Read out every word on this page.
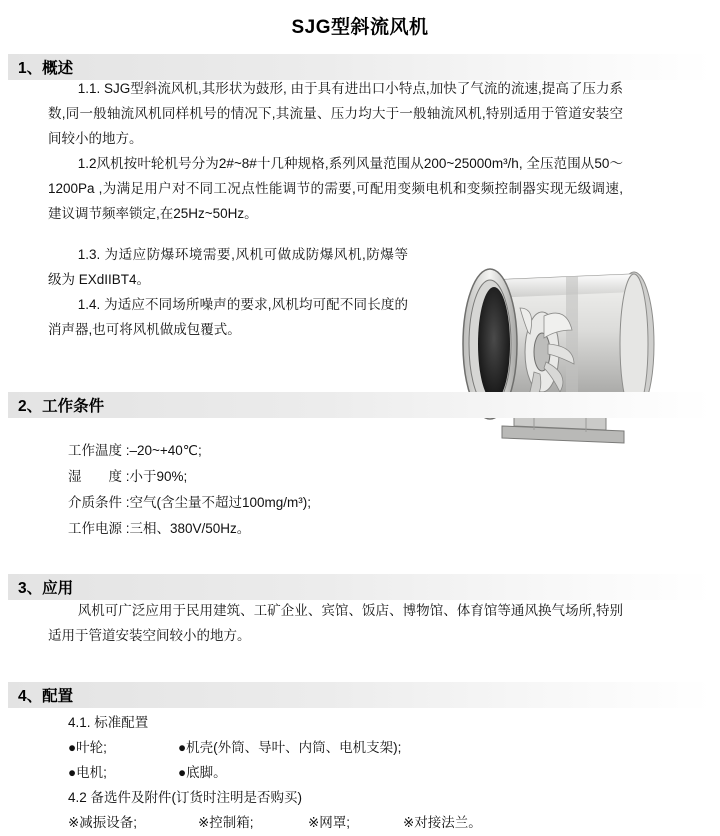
SJG型斜流风机
1、概述

1.1. SJG型斜流风机,其形状为鼓形, 由于具有进出口小特点,加快了气流的流速,提高了压力系数,同一般轴流风机同样机号的情况下,其流量、压力均大于一般轴流风机,特别适用于管道安装空间较小的地方。

1.2风机按叶轮机号分为2#~8#十几种规格,系列风量范围从200~25000m³/h, 全压范围从50～1200Pa ,为满足用户对不同工况点性能调节的需要,可配用变频电机和变频控制器实现无级调速, 建议调节频率锁定,在25Hz~50Hz。

1.3. 为适应防爆环境需要,风机可做成防爆风机,防爆等级为 EXdIIBT4。

1.4. 为适应不同场所噪声的要求,风机均可配不同长度的消声器,也可将风机做成包覆式。

2、工作条件
工作温度 :–20~+40℃;
湿　　度 :小于90%;
介质条件 :空气(含尘量不超过100mg/m³);
工作电源 :三相、380V/50Hz。
3、应用

风机可广泛应用于民用建筑、工矿企业、宾馆、饭店、博物馆、体育馆等通风换气场所,特别适用于管道安装空间较小的地方。

4、配置
4.1. 标准配置
●叶轮;	●机壳(外筒、导叶、内筒、电机支架);
●电机;	●底脚。
4.2 备选件及附件(订货时注明是否购买)
※减振设备;	※控制箱;	※网罩;	※对接法兰。
